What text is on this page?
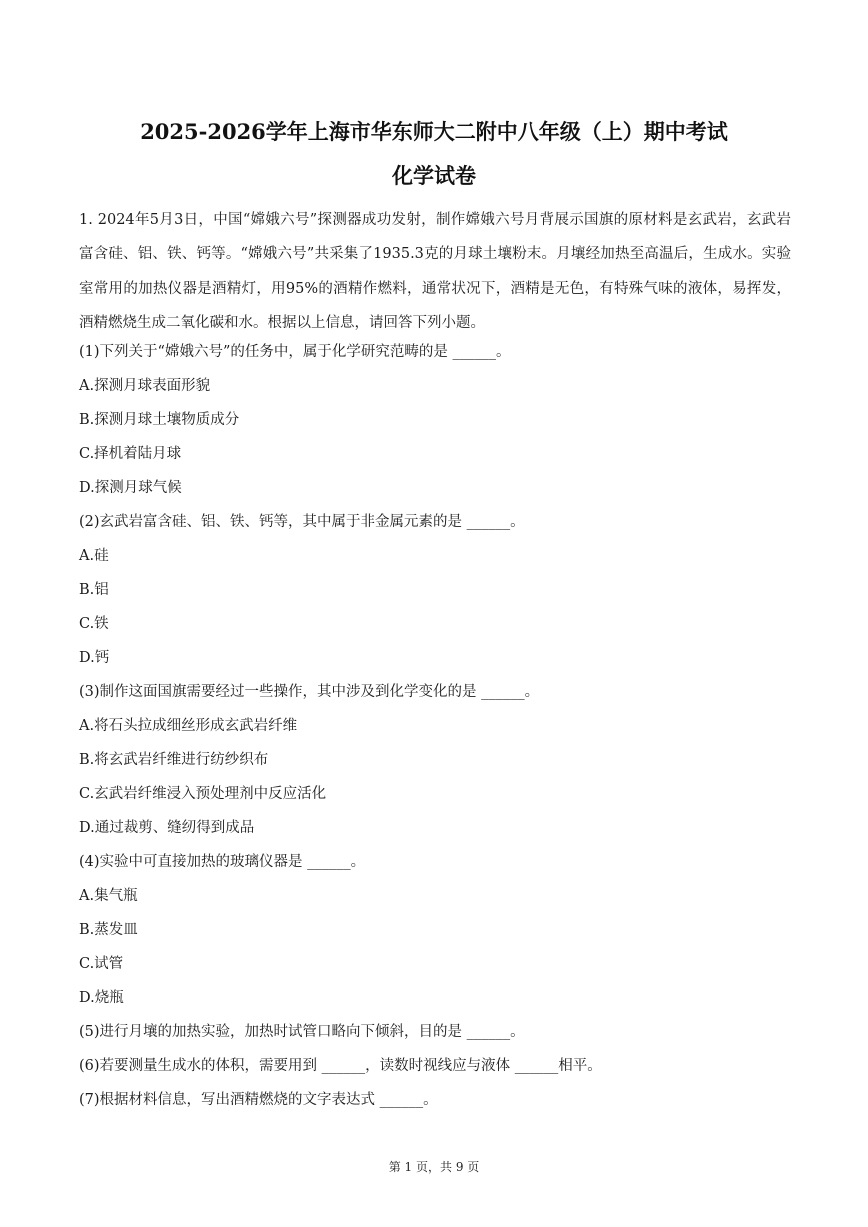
2025-2026学年上海市华东师大二附中八年级（上）期中考试
化学试卷
1. 2024年5月3日，中国“嫦娥六号”探测器成功发射，制作嫦娥六号月背展示国旗的原材料是玄武岩，玄武岩富含硅、铝、铁、钙等。“嫦娥六号”共采集了1935.3克的月球土壤粉末。月壤经加热至高温后，生成水。实验室常用的加热仪器是酒精灯，用95%的酒精作燃料，通常状况下，酒精是无色，有特殊气味的液体，易挥发，酒精燃烧生成二氧化碳和水。根据以上信息，请回答下列小题。
(1)下列关于“嫦娥六号”的任务中，属于化学研究范畴的是 ______。
A.探测月球表面形貌
B.探测月球土壤物质成分
C.择机着陆月球
D.探测月球气候
(2)玄武岩富含硅、铝、铁、钙等，其中属于非金属元素的是 ______。
A.硅
B.铝
C.铁
D.钙
(3)制作这面国旗需要经过一些操作，其中涉及到化学变化的是 ______。
A.将石头拉成细丝形成玄武岩纤维
B.将玄武岩纤维进行纺纱织布
C.玄武岩纤维浸入预处理剂中反应活化
D.通过裁剪、缝纫得到成品
(4)实验中可直接加热的玻璃仪器是 ______。
A.集气瓶
B.蒸发皿
C.试管
D.烧瓶
(5)进行月壤的加热实验，加热时试管口略向下倾斜，目的是 ______。
(6)若要测量生成水的体积，需要用到 ______，读数时视线应与液体 ______相平。
(7)根据材料信息，写出酒精燃烧的文字表达式 ______。
第 1 页，共 9 页
